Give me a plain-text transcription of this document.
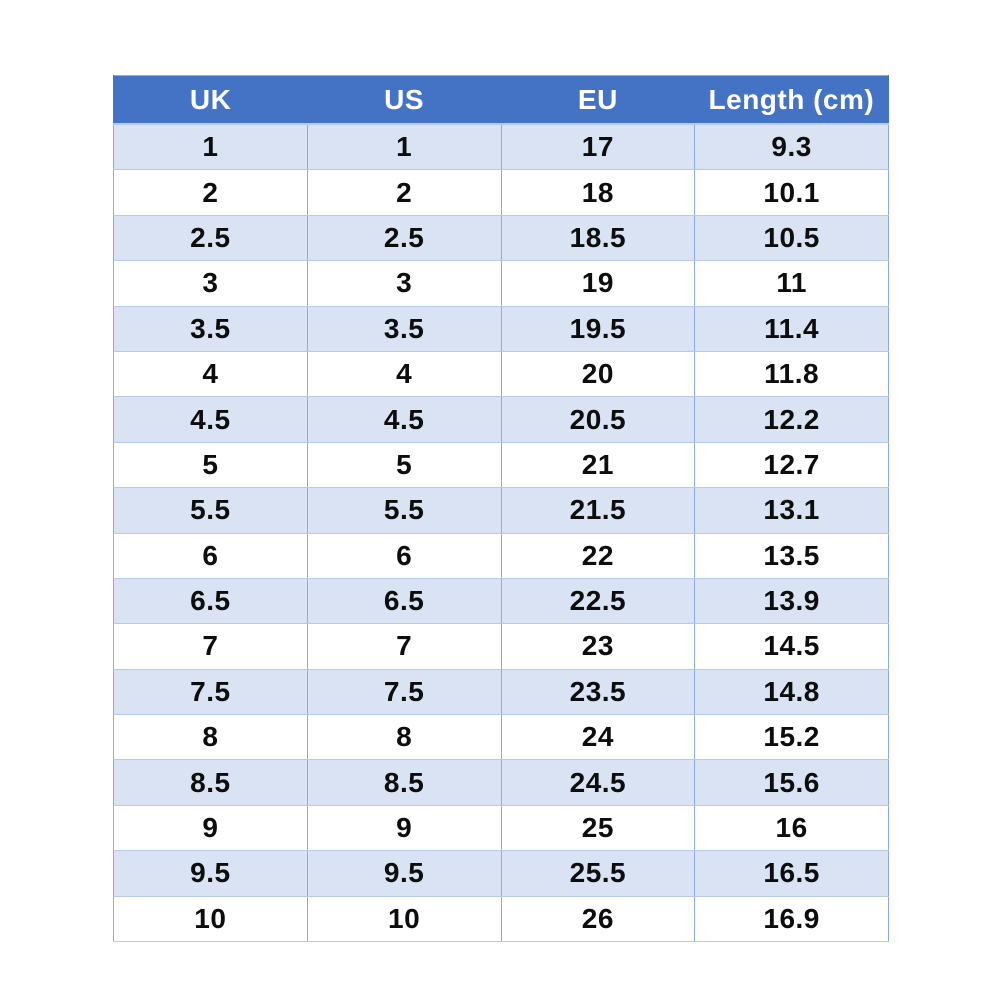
UK	US	EU	Length (cm)
1	1	17	9.3
2	2	18	10.1
2.5	2.5	18.5	10.5
3	3	19	11
3.5	3.5	19.5	11.4
4	4	20	11.8
4.5	4.5	20.5	12.2
5	5	21	12.7
5.5	5.5	21.5	13.1
6	6	22	13.5
6.5	6.5	22.5	13.9
7	7	23	14.5
7.5	7.5	23.5	14.8
8	8	24	15.2
8.5	8.5	24.5	15.6
9	9	25	16
9.5	9.5	25.5	16.5
10	10	26	16.9
